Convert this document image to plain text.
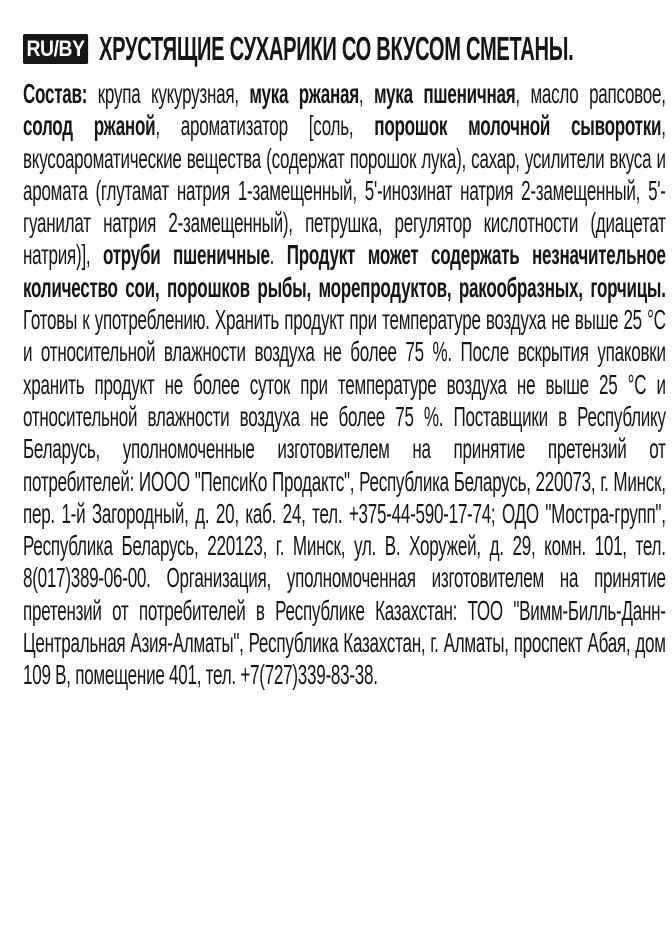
RU/BY ХРУСТЯЩИЕ СУХАРИКИ СО ВКУСОМ СМЕТАНЫ.
Состав: крупа кукурузная, мука ржаная, мука пшеничная, масло рапсовое, солод ржаной, ароматизатор [соль, порошок молочной сыворотки, вкусоароматические вещества (содержат порошок лука), сахар, усилители вкуса и аромата (глутамат натрия 1-замещенный, 5'-инозинат натрия 2-замещенный, 5'-гуанилат натрия 2-замещенный), петрушка, регулятор кислотности (диацетат натрия)], отруби пшеничные. Продукт может содержать незначительное количество сои, порошков рыбы, морепродуктов, ракообразных, горчицы. Готовы к употреблению. Хранить продукт при температуре воздуха не выше 25 °С и относительной влажности воздуха не более 75 %. После вскрытия упаковки хранить продукт не более суток при температуре воздуха не выше 25 °С и относительной влажности воздуха не более 75 %. Поставщики в Республику Беларусь, уполномоченные изготовителем на принятие претензий от потребителей: ИООО "ПепсиКо Продактс", Республика Беларусь, 220073, г. Минск, пер. 1-й Загородный, д. 20, каб. 24, тел. +375-44-590-17-74; ОДО "Мостра-групп", Республика Беларусь, 220123, г. Минск, ул. В. Хоружей, д. 29, комн. 101, тел. 8(017)389-06-00. Организация, уполномоченная изготовителем на принятие претензий от потребителей в Республике Казахстан: ТОО "Вимм-Билль-Данн-Центральная Азия-Алматы", Республика Казахстан, г. Алматы, проспект Абая, дом 109 В, помещение 401, тел. +7(727)339-83-38.
